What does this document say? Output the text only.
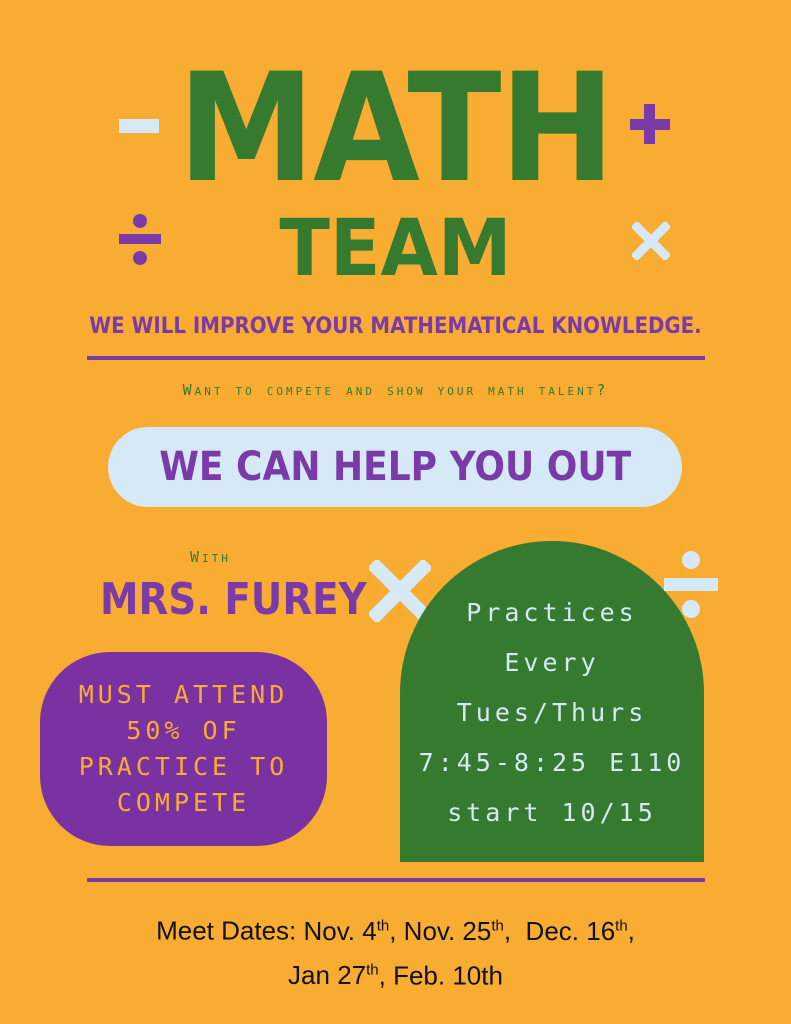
MATH
TEAM
WE WILL IMPROVE YOUR MATHEMATICAL KNOWLEDGE.
Want to compete and show your math talent?
WE CAN HELP YOU OUT
With
MRS. FUREY
MUST ATTEND
50% OF
PRACTICE TO
COMPETE
Practices
Every
Tues/Thurs
7:45-8:25 E110
start 10/15
Meet Dates: Nov. 4th, Nov. 25th,  Dec. 16th,
Jan 27th, Feb. 10th
